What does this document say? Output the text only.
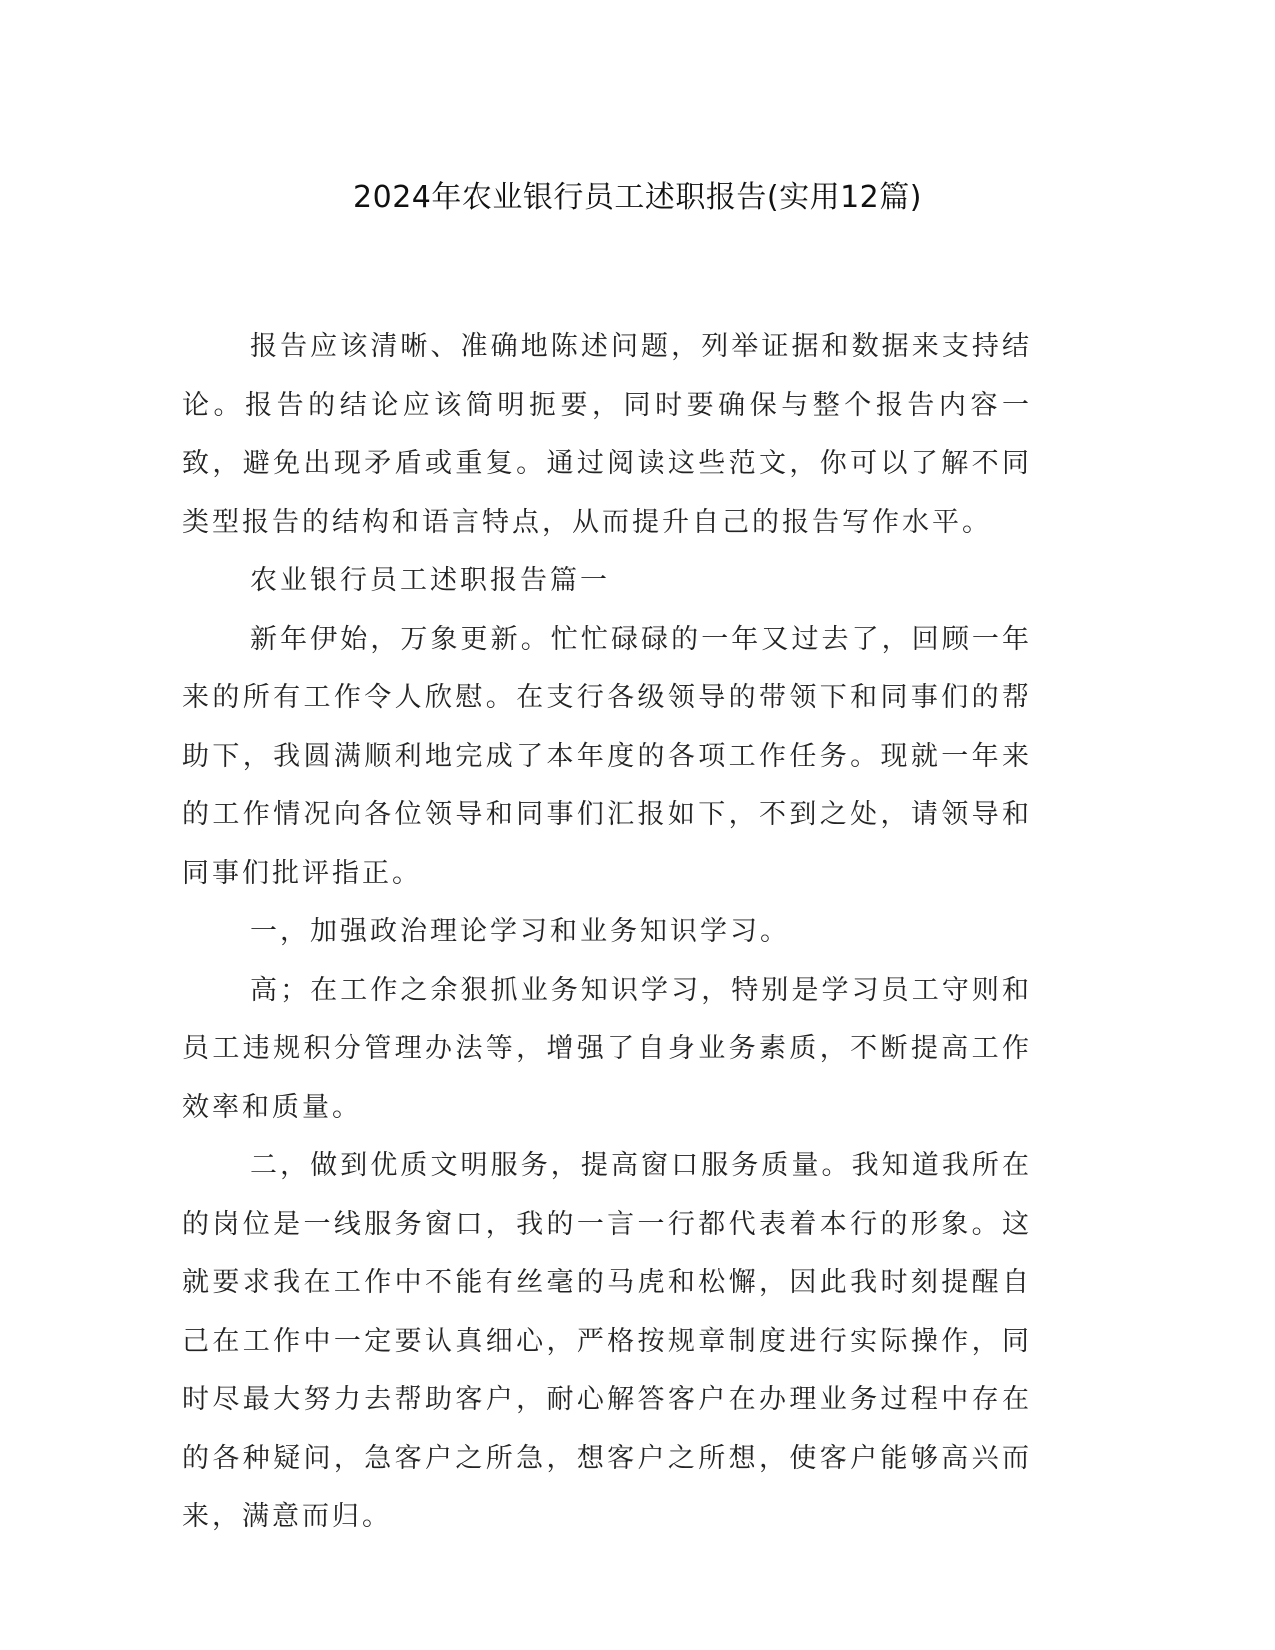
2024年农业银行员工述职报告(实用12篇)

报告应该清晰、准确地陈述问题，列举证据和数据来支持结论。报告的结论应该简明扼要，同时要确保与整个报告内容一致，避免出现矛盾或重复。通过阅读这些范文，你可以了解不同类型报告的结构和语言特点，从而提升自己的报告写作水平。

农业银行员工述职报告篇一

新年伊始，万象更新。忙忙碌碌的一年又过去了，回顾一年来的所有工作令人欣慰。在支行各级领导的带领下和同事们的帮助下，我圆满顺利地完成了本年度的各项工作任务。现就一年来的工作情况向各位领导和同事们汇报如下，不到之处，请领导和同事们批评指正。

一，加强政治理论学习和业务知识学习。

高；在工作之余狠抓业务知识学习，特别是学习员工守则和员工违规积分管理办法等，增强了自身业务素质，不断提高工作效率和质量。

二，做到优质文明服务，提高窗口服务质量。我知道我所在的岗位是一线服务窗口，我的一言一行都代表着本行的形象。这就要求我在工作中不能有丝毫的马虎和松懈，因此我时刻提醒自己在工作中一定要认真细心，严格按规章制度进行实际操作，同时尽最大努力去帮助客户，耐心解答客户在办理业务过程中存在的各种疑问，急客户之所急，想客户之所想，使客户能够高兴而来，满意而归。
